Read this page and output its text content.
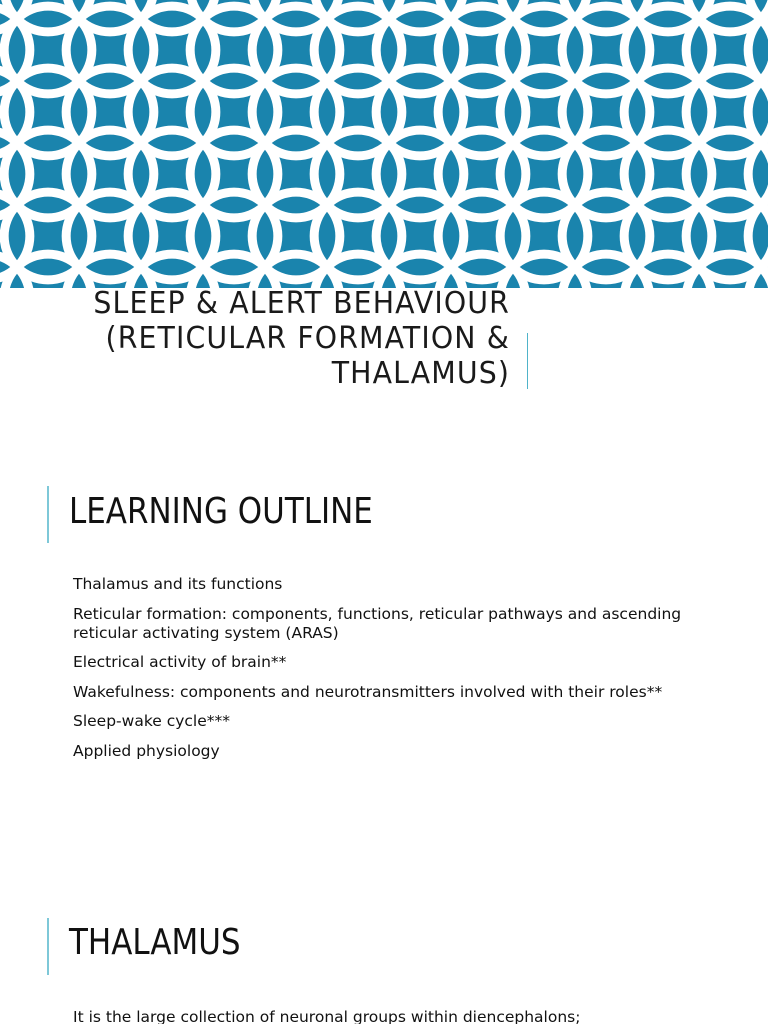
SLEEP & ALERT BEHAVIOUR
(RETICULAR FORMATION &
THALAMUS)
LEARNING OUTLINE
Thalamus and its functions
Reticular formation: components, functions, reticular pathways and ascending reticular activating system (ARAS)
Electrical activity of brain**
Wakefulness: components and neurotransmitters involved with their roles**
Sleep-wake cycle***
Applied physiology
THALAMUS
It is the large collection of neuronal groups within diencephalons;
